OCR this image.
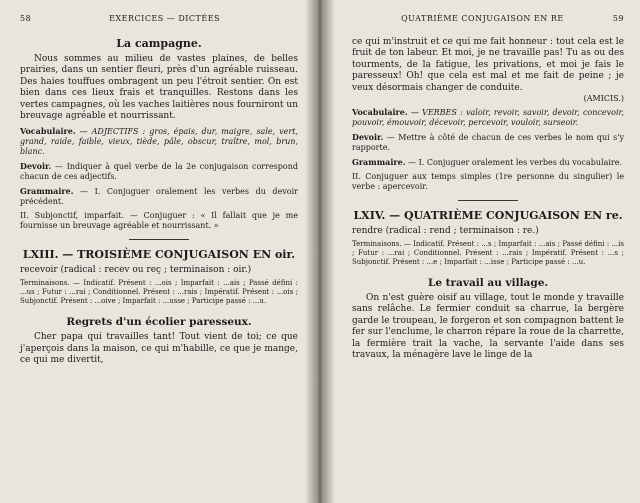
58	EXERCICES — DICTÉES
La campagne.

Nous sommes au milieu de vastes plaines, de belles prairies, dans un sentier fleuri, près d'un agréable ruisseau. Des haies touffues ombragent un peu l'étroit sentier. On est bien dans ces lieux frais et tranquilles. Restons dans les vertes campagnes, où les vaches laitières nous fourniront un breuvage agréable et nourrissant.

Vocabulaire. — ADJECTIFS : gros, épais, dur, maigre, sale, vert, grand, raide, faible, vieux, tiède, pâle, obscur, traître, mol, brun, blanc.

Devoir. — Indiquer à quel verbe de la 2e conjugaison correspond chacun de ces adjectifs.

Grammaire. — I. Conjuguer oralement les verbes du devoir précédent.

II. Subjonctif, imparfait. — Conjuguer : « Il fallait que je me fournisse un breuvage agréable et nourrissant. »

LXIII. — TROISIÈME CONJUGAISON EN oir.
recevoir (radical : recev ou reç ; terminaison : oir.)

Terminaisons. — Indicatif. Présent : ...ois ; Imparfait : ...ais ; Passé défini : ...us ; Futur : ...rai ; Conditionnel. Présent : ...rais ; Impératif. Présent : ...ois ; Subjonctif. Présent : ...oive ; Imparfait : ...usse ; Participe passé : ...u.

Regrets d'un écolier paresseux.

Cher papa qui travailles tant! Tout vient de toi; ce que j'aperçois dans la maison, ce qui m'habille, ce que je mange, ce qui me divertit,

QUATRIÈME CONJUGAISON EN RE	59

ce qui m'instruit et ce qui me fait honneur : tout cela est le fruit de ton labeur. Et moi, je ne travaille pas! Tu as ou des tourments, de la fatigue, les privations, et moi je fais le paresseux! Oh! que cela est mal et me fait de peine ; je veux désormais changer de conduite.

(AMICIS.)

Vocabulaire. — VERBES : valoir, revoir, savoir, devoir, concevoir, pouvoir, émouvoir, décevoir, percevoir, vouloir, surseoir.

Devoir. — Mettre à côté de chacun de ces verbes le nom qui s'y rapporte.

Grammaire. — I. Conjuguer oralement les verbes du vocabulaire.

II. Conjuguer aux temps simples (1re personne du singulier) le verbe : apercevoir.

LXIV. — QUATRIÈME CONJUGAISON EN re.
rendre (radical : rend ; terminaison : re.)

Terminaisons. — Indicatif. Présent : ...s ; Imparfait : ...ais ; Passé défini : ...is ; Futur : ...rai ; Conditionnel. Présent : ...rais ; Impératif. Présent : ...s ; Subjonctif. Présent : ...e ; Imparfait : ...isse ; Participe passé : ...u.

Le travail au village.

On n'est guère oisif au village, tout le monde y travaille sans relâche. Le fermier conduit sa charrue, la bergère garde le troupeau, le forgeron et son compagnon battent le fer sur l'enclume, le charron répare la roue de la charrette, la fermière trait la vache, la servante l'aide dans ses travaux, la ménagère lave le linge de la
